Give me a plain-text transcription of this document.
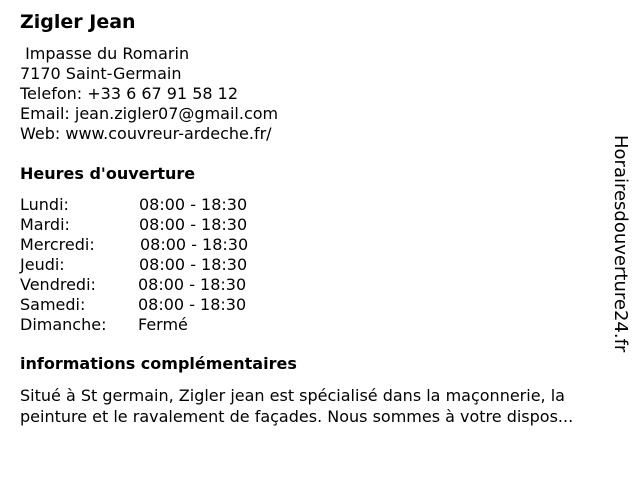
Zigler Jean
Impasse du Romarin
7170 Saint-Germain
Telefon: +33 6 67 91 58 12
Email: jean.zigler07@gmail.com
Web: www.couvreur-ardeche.fr/
Heures d'ouverture
Lundi:	08:00 - 18:30
Mardi:	08:00 - 18:30
Mercredi:	08:00 - 18:30
Jeudi:	08:00 - 18:30
Vendredi:	08:00 - 18:30
Samedi:	08:00 - 18:30
Dimanche: Fermé
informations complémentaires

Situé à St germain, Zigler jean est spécialisé dans la maçonnerie, la
peinture et le ravalement de façades. Nous sommes à votre dispos...

Horairesdouverture24.fr
